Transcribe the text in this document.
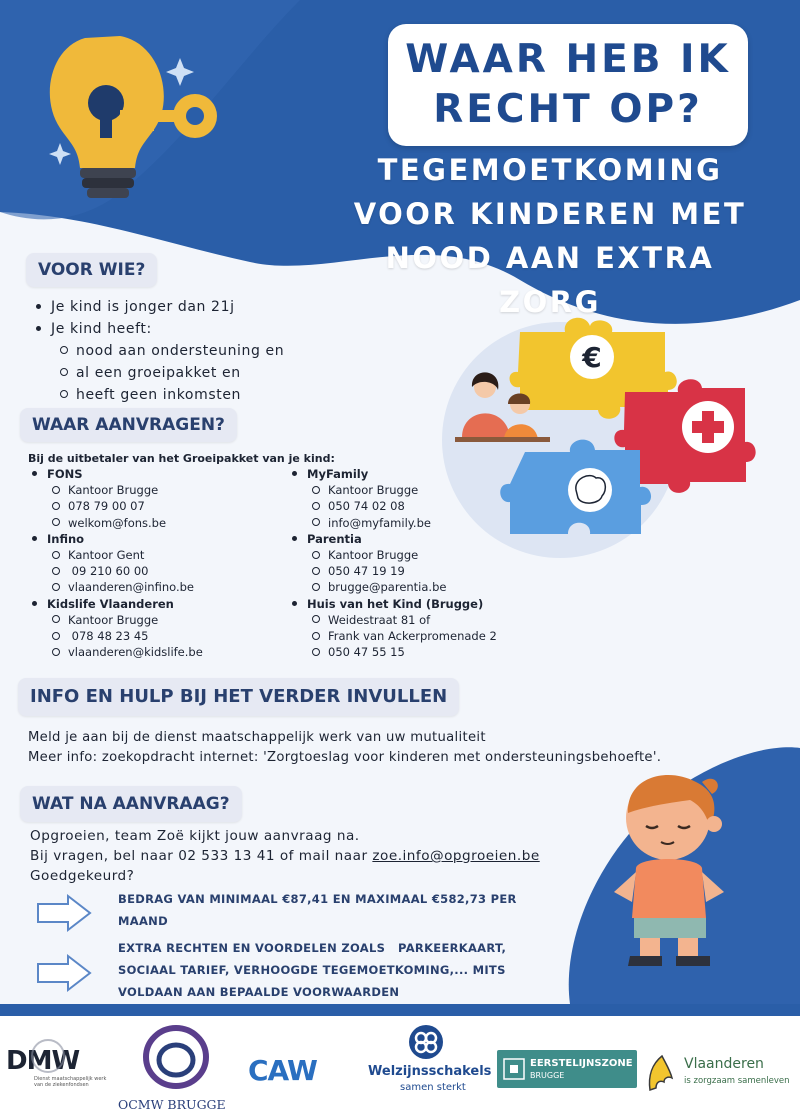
WAAR HEB IK
RECHT OP?
TEGEMOETKOMING
VOOR KINDEREN MET
NOOD AAN EXTRA ZORG
VOOR WIE?
Je kind is jonger dan 21j
Je kind heeft:
nood aan ondersteuning en
al een groeipakket en
heeft geen inkomsten
€
WAAR AANVRAGEN?
Bij de uitbetaler van het Groeipakket van je kind:
FONS
Kantoor Brugge
078 79 00 07
welkom@fons.be
Infino
Kantoor Gent
09 210 60 00
vlaanderen@infino.be
Kidslife Vlaanderen
Kantoor Brugge
078 48 23 45
vlaanderen@kidslife.be
MyFamily
Kantoor Brugge
050 74 02 08
info@myfamily.be
Parentia
Kantoor Brugge
050 47 19 19
brugge@parentia.be
Huis van het Kind (Brugge)
Weidestraat 81 of
Frank van Ackerpromenade 2
050 47 55 15
INFO EN HULP BIJ HET VERDER INVULLEN
Meld je aan bij de dienst maatschappelijk werk van uw mutualiteit
Meer info: zoekopdracht internet: 'Zorgtoeslag voor kinderen met ondersteuningsbehoefte'.
WAT NA AANVRAAG?
Opgroeien, team Zoë kijkt jouw aanvraag na.
Bij vragen, bel naar 02 533 13 41 of mail naar zoe.info@opgroeien.be
Goedgekeurd?
BEDRAG VAN MINIMAAL €87,41 EN MAXIMAAL €582,73 PER
MAAND
EXTRA RECHTEN EN VOORDELEN ZOALS   PARKEERKAART,
SOCIAAL TARIEF, VERHOOGDE TEGEMOETKOMING,... MITS
VOLDAAN AAN BEPAALDE VOORWAARDEN
DMW
Dienst maatschappelijk werk
van de ziekenfondsen
OCMW BRUGGE
CAW	Welzijnsschakels
samen sterkt
EERSTELIJNSZONE
BRUGGE
Vlaanderen
is zorgzaam samenleven
